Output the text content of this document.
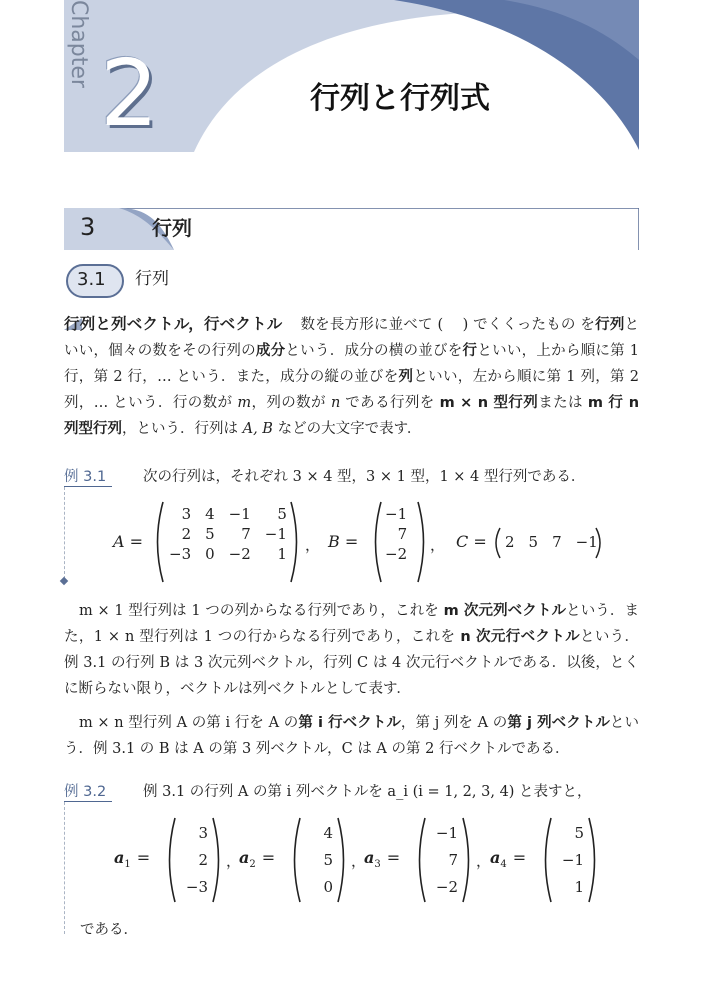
Chapter 2	行列と行列式
3	行列
3.1 行列

行列と列ベクトル，行ベクトル 数を長方形に並べて ( 　) でくくったもの を行列といい，個々の数をその行列の成分という．成分の横の並びを行といい，上から順に第 1 行，第 2 行，… という．また，成分の縦の並びを列といい，左から順に第 1 列，第 2 列，… という．行の数が m，列の数が n である行列を m × n 型行列または m 行 n 列型行列，という．行列は A, B などの大文字で表す．

例 3.1	次の行列は，それぞれ 3 × 4 型，3 × 1 型，1 × 4 型行列である．
A =
3	4	−1	5
2	5	7	−1
−3	0	−2	1 ， B =
−1
7
−2 ， C = 2	5	7	−1

m × 1 型行列は 1 つの列からなる行列であり，これを m 次元列ベクトルという．また，1 × n 型行列は 1 つの行からなる行列であり，これを n 次元行ベクトルという．例 3.1 の行列 B は 3 次元列ベクトル，行列 C は 4 次元行ベクトルである．以後，とくに断らない限り，ベクトルは列ベクトルとして表す．

m × n 型行列 A の第 i 行を A の第 i 行ベクトル，第 j 列を A の第 j 列ベクトルという．例 3.1 の B は A の第 3 列ベクトル，C は A の第 2 行ベクトルである．

例 3.2	例 3.1 の行列 A の第 i 列ベクトルを a_i (i = 1, 2, 3, 4) と表すと，
$a_1$ =
3
2
−3
，
$a_2$ =
4
5
0
，
$a_3$ =
−1
7
−2
，
$a_4$ =
5
−1
1
である．
